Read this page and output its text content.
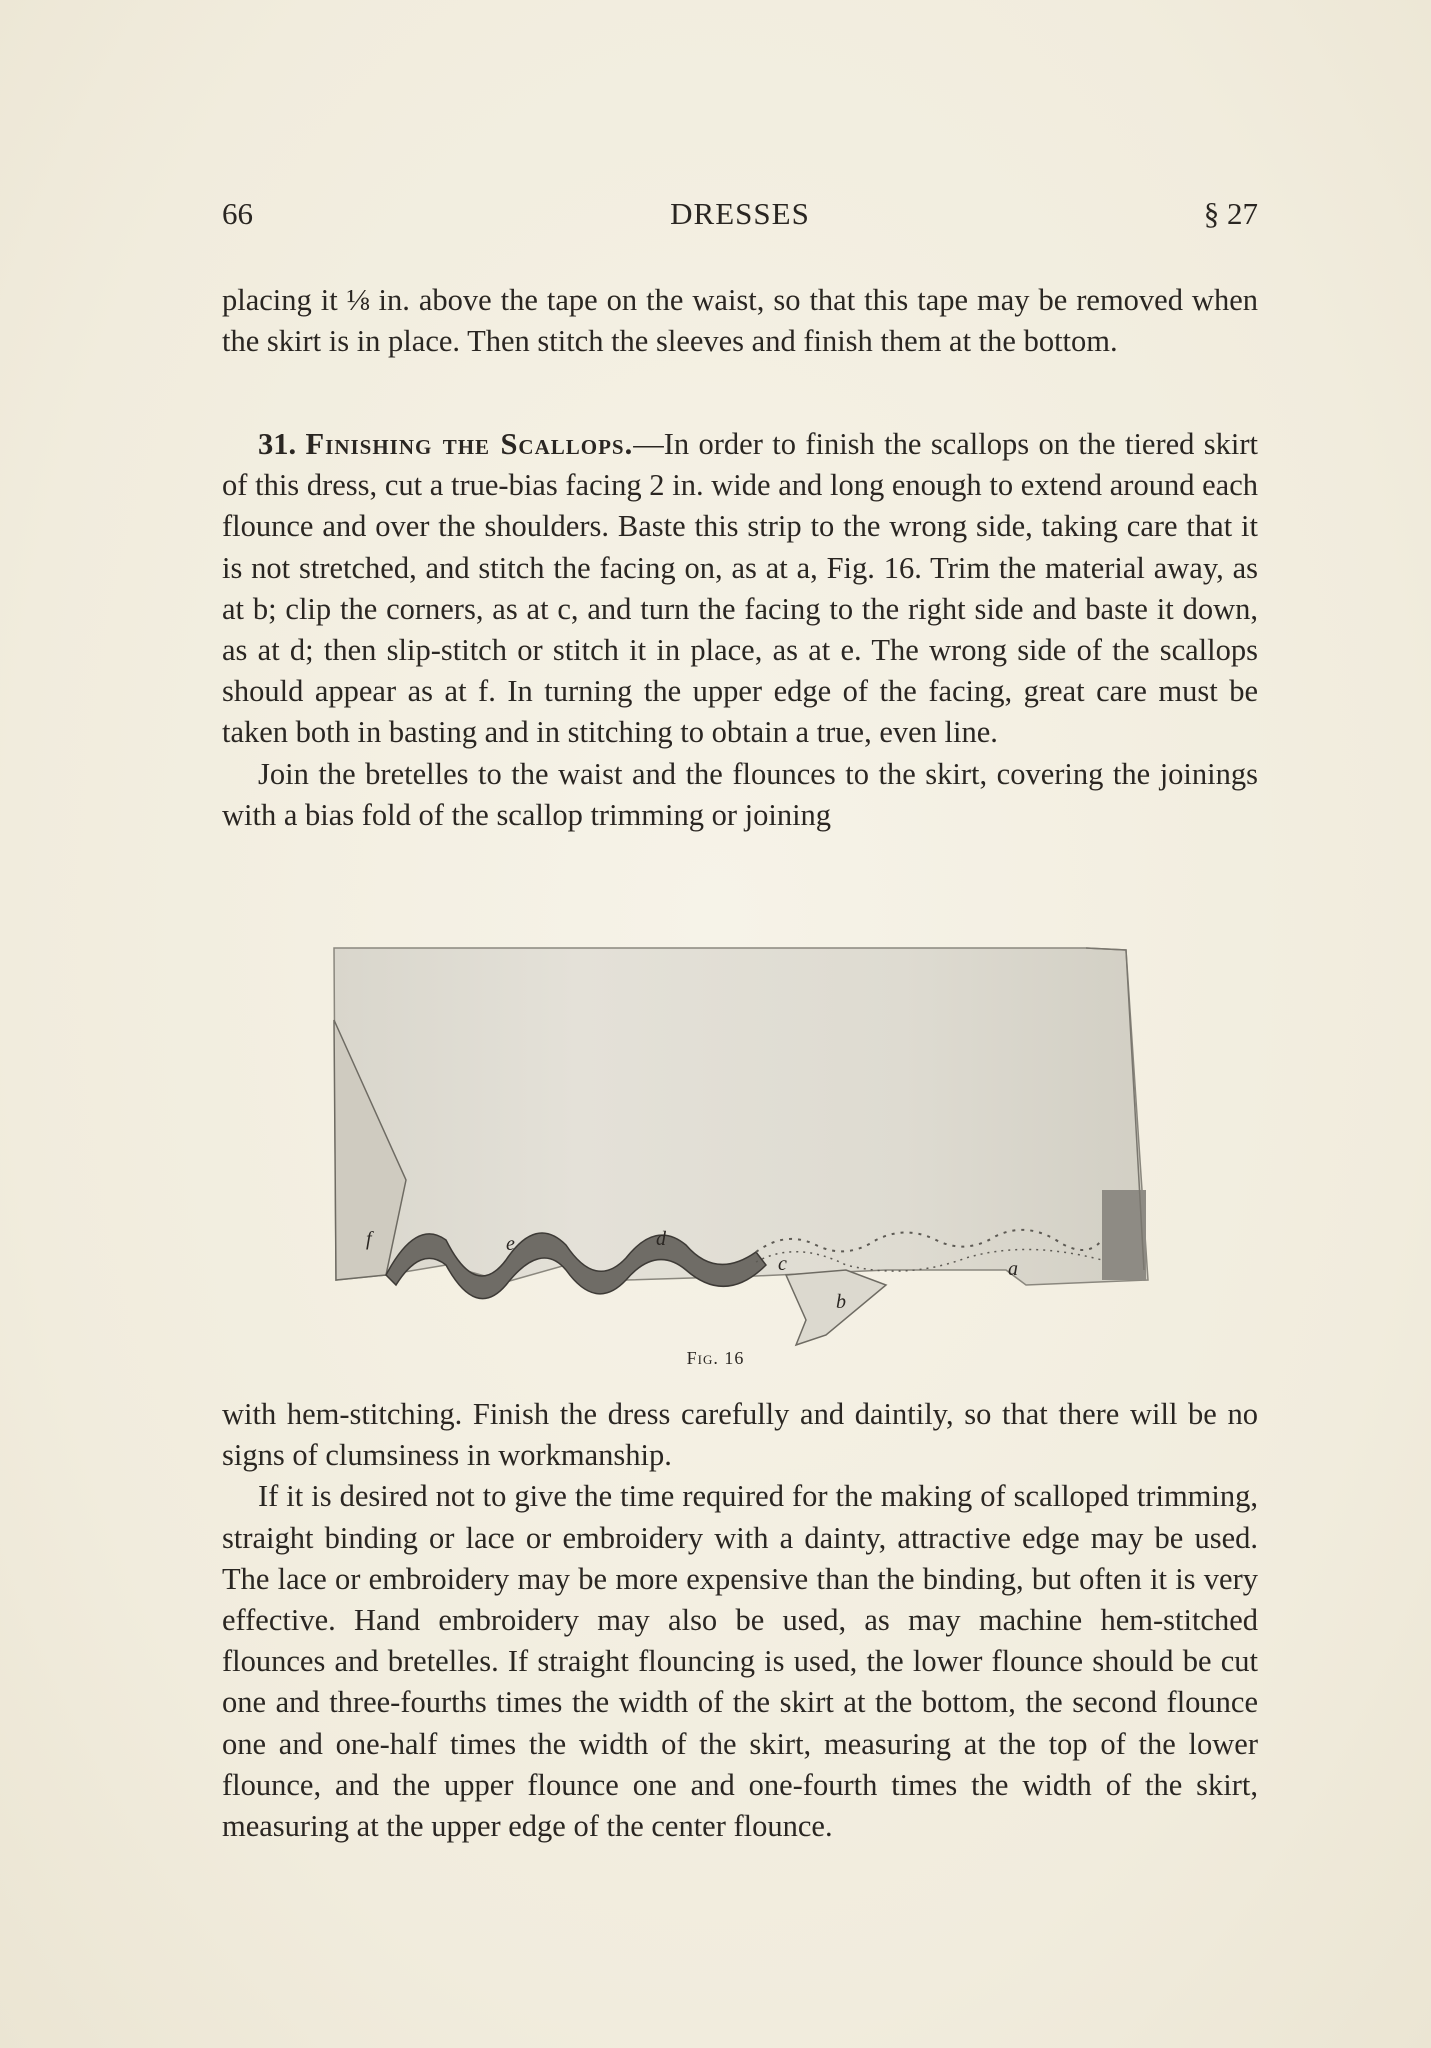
66	DRESSES	§ 27

placing it ⅛ in. above the tape on the waist, so that this tape may be removed when the skirt is in place. Then stitch the sleeves and finish them at the bottom.

31. Finishing the Scallops.—In order to finish the scallops on the tiered skirt of this dress, cut a true-bias facing 2 in. wide and long enough to extend around each flounce and over the shoulders. Baste this strip to the wrong side, taking care that it is not stretched, and stitch the facing on, as at a, Fig. 16. Trim the material away, as at b; clip the corners, as at c, and turn the facing to the right side and baste it down, as at d; then slip-stitch or stitch it in place, as at e. The wrong side of the scallops should appear as at f. In turning the upper edge of the facing, great care must be taken both in basting and in stitching to obtain a true, even line.

Join the bretelles to the waist and the flounces to the skirt, covering the joinings with a bias fold of the scallop trimming or joining

f	e	d
c
b
a
Fig. 16

with hem-stitching. Finish the dress carefully and daintily, so that there will be no signs of clumsiness in workmanship.

If it is desired not to give the time required for the making of scalloped trimming, straight binding or lace or embroidery with a dainty, attractive edge may be used. The lace or embroidery may be more expensive than the binding, but often it is very effective. Hand embroidery may also be used, as may machine hem-stitched flounces and bretelles. If straight flouncing is used, the lower flounce should be cut one and three-fourths times the width of the skirt at the bottom, the second flounce one and one-half times the width of the skirt, measuring at the top of the lower flounce, and the upper flounce one and one-fourth times the width of the skirt, measuring at the upper edge of the center flounce.
